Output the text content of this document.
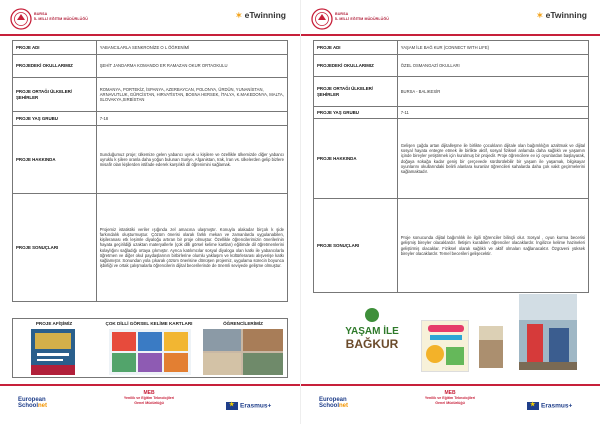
BURSA
İL MİLLİ EĞİTİM MÜDÜRLÜĞÜ	✶ eTwinning
PROJE ADI	YABANCILARLA SENKRONİZE O L ÖĞRENİMİ
PROJEDEKİ OKULLARIMIZ	ŞEHİT JANDARMA KOMANDO ER RAMAZAN OKUR ORTAOKULU
PROJE ORTAĞI ÜLKELER/ŞEHİRLER	ROMANYA, PORTEKİZ, İSPANYA, AZERBAYCAN, POLONYA, ÜRDÜN, YUNANİSTAN, ARNAVUTLUK, GÜRCİSTAN, HIRVATİSTAN, BOSNA HERSEK, İTALYA, K.MAKEDONYA, MALTA, SLOVAKYA,SIRBİSTAN
PROJE YAŞ GRUBU	7-18
PROJE HAKKINDA	Sunduğumuz proje; ülkemize gelen yabancı uyruk u kişilere ve özellikle ülkemizde diğer yabancı uyruklu k şilere oranla daha yoğun bulunan Suriye, Afganistan, Irak, İran vs. ülkelerden gelip bizlere misafir olan kişilerden istifade ederek karşılıklı dil öğrenimini sağlamak.
PROJE SONUÇLARI	Projemiz istatistiki veriler ışığında zel amacına ulaşmıştır. Konuyla alakadar birçok k şide farkındalık oluşturmuştur. Çözüm önerisi olarak farklı mekan ve zamanlarda uygulanabilen, kişileranası etk leşimle diyaloğu artıran bir proje olmuştur. Özellikle öğrencilerimizin önerilerinin hayata geçirildiği uzaktan materyallerle (çok dilli görsel kelime kartları) eğitimde dil öğretmenlerini kolaylığını sağladığı ortaya çıkmıştır. Ayrıca katılımcılar sosyal diyaloga olan katkı ile yabancılarla öğretmen ve diğer okul paydaşlarının birbirlerine olumlu yaklaşım ve kültürlerarası alışverişe katkı sağlamıştır. Sonundan yola çıkarak çözüm önerisine dönüşen projemiz, uygulama sürecin boyunca işbirliği ve ortak çalışmalarla öğrencilerin dijital becerilerinde de önemli seviyede gelişme olmuştur.
PROJE AFİŞİMİZ	ÇOK DİLLİ GÖRSEL KELİME KARTLARI	ÖĞRENCİLERİMİZ
European
Schoolnet
MEB
Yenilik ve Eğitim Teknolojileri
Genel Müdürlüğü
★Erasmus+
BURSA
İL MİLLİ EĞİTİM MÜDÜRLÜĞÜ	✶ eTwinning
PROJE ADI	YAŞAM İLE BAĞ KUR (CONNECT WITH LIFE)
PROJEDEKİ OKULLARIMIZ	ÖZEL OSMANGAZİ OKULLARI
PROJE ORTAĞI ÜLKELER/ŞEHİRLER	BURSA - BALIKESİR
PROJE YAŞ GRUBU	7-11
PROJE HAKKINDA	Gelişen çağda artan dijitalleşme ile birlikte çocukların dijitale olan bağımlılığın azaltmak ve dijital sosyal hayata entegre etmek ile birlikte aktif, sosyal fiziksel anlamda daha sağlıklı ve yaşamın içinde bireyler yetiştirmek için kurulmuş bir projedir. Proje öğrencilere ev içi oyunlardan başlayarak, doğaya sokağa kadar geniş bir çerçevede sürdürülebilir bir yaşam ile yaşamak, bilgisayar oyunlarını okullarındaki belirli alanlara kuranlar öğrencileri sahalarda daha çok vakit geçirmelerini sağlamaktadır.
PROJE SONUÇLARI	Proje sonucunda dijital bağımlılık ile ilgili öğrenciler bilinçli olur. Sosyal , oyun kurma becerisi gelişmiş bireyler olacaklardır. İletişim kurabilen öğrenciler olacaklardır. İngilizce kelime hazineleri geliştirmiş olacaklar. Fiziksel olarak sağlıklı ve aktif olmaları sağlanacaktır. Özgüveni yüksek bireyler olacaklardır. Temel becerileri gelişecektir.
YAŞAM İLE
BAĞKUR
European
Schoolnet
MEB
Yenilik ve Eğitim Teknolojileri
Genel Müdürlüğü
★Erasmus+
